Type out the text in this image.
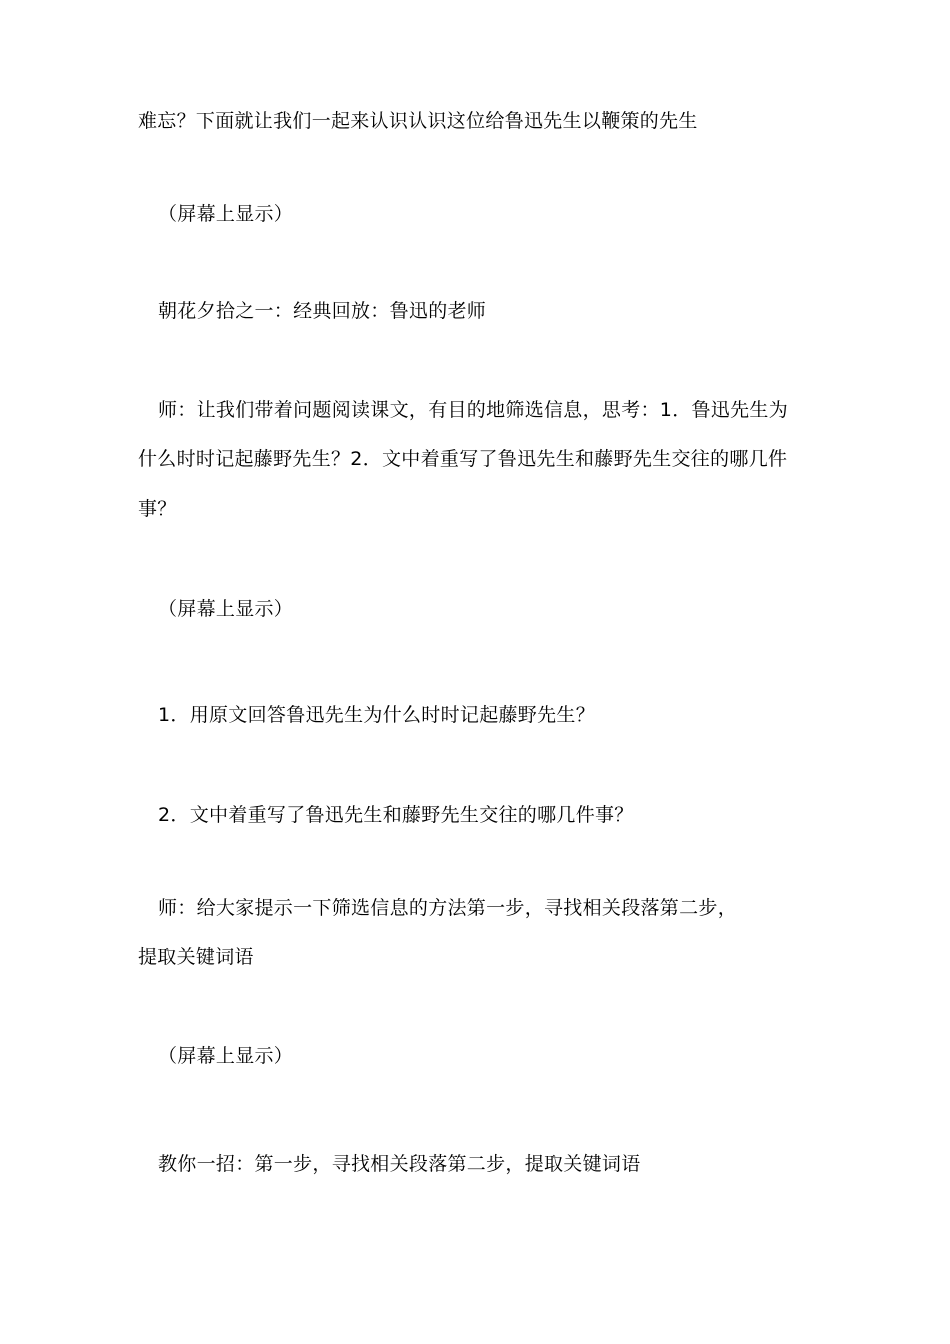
难忘？下面就让我们一起来认识认识这位给鲁迅先生以鞭策的先生
（屏幕上显示）
朝花夕拾之一：经典回放：鲁迅的老师
师：让我们带着问题阅读课文，有目的地筛选信息，思考：1．鲁迅先生为
什么时时记起藤野先生？2．文中着重写了鲁迅先生和藤野先生交往的哪几件
事？
（屏幕上显示）
1．用原文回答鲁迅先生为什么时时记起藤野先生？
2．文中着重写了鲁迅先生和藤野先生交往的哪几件事？
师：给大家提示一下筛选信息的方法第一步，寻找相关段落第二步，
提取关键词语
（屏幕上显示）
教你一招：第一步，寻找相关段落第二步，提取关键词语
